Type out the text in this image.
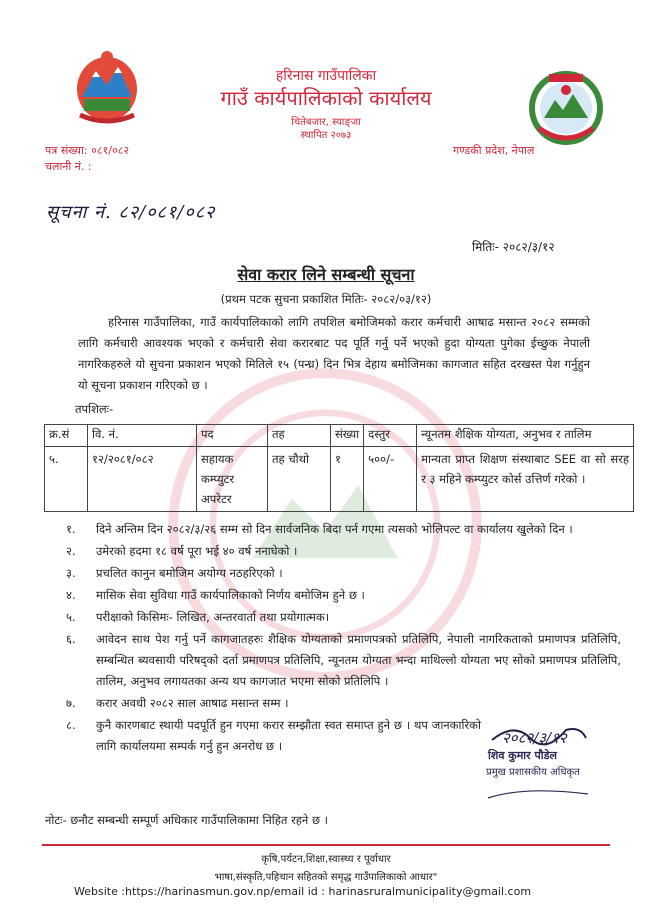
हरिनास गाउँपालिका
गाउँ कार्यपालिकाको कार्यालय
चितेबजार, स्याङ्जा
स्थापित २०७३
पत्र संख्या: ०८१/०८२
चलानी नं. :
गण्डकी प्रदेश, नेपाल
सूचना नं. ८२/०८१/०८२
मितिः- २०८२/३/१२
सेवा करार लिने सम्बन्धी सूचना
(प्रथम पटक सुचना प्रकाशित मितिः- २०८२/०३/१२)
हरिनास गाउँपालिका, गाउँ कार्यपालिकाको लागि तपशिल बमोजिमको करार कर्मचारी आषाढ मसान्त २०८२ सम्मको लागि कर्मचारी आवश्यक भएको र कर्मचारी सेवा करारबाट पद पूर्ति गर्नु पर्ने भएको हुदा योग्यता पुगेका ईच्छुक नेपाली नागरिकहरुले यो सुचना प्रकाशन भएको मितिले १५ (पन्ध्र) दिन भित्र देहाय बमोजिमका कागजात सहित दरखस्त पेश गर्नुहुन यो सूचना प्रकाशन गरिएको छ ।
तपशिलः-
क्र.सं	वि. नं.	पद	तह	संख्या	दस्तुर	न्यूनतम शैक्षिक योग्यता, अनुभव र तालिम
५.	१२/२०८१/०८२	सहायक कम्प्युटर अपरेटर	तह चौथो	१	५००/-	मान्यता प्राप्त शिक्षण संस्थाबाट SEE वा सो सरह र ३ महिने कम्प्युटर कोर्स उत्तिर्ण गरेको ।
१.	दिने अन्तिम दिन २०८२/३/२६ सम्म सो दिन सार्वजनिक बिदा पर्न गएमा त्यसको भोलिपल्ट वा कार्यालय खुलेको दिन ।
२.	उमेरको हदमा १८ वर्ष पूरा भई ४० वर्ष ननाघेको ।
३.	प्रचलित कानुन बमोजिम अयोग्य नठहरिएको ।
४.	मासिक सेवा सुविधा गाउँ कार्यपालिकाको निर्णय बमोजिम हुने छ ।
५.	परीक्षाको किसिमः- लिखित, अन्तरवार्ता तथा प्रयोगात्मक।
६.	आवेदन साथ पेश गर्नु पर्ने कागजातहरुः शैक्षिक योग्यताको प्रमाणपत्रको प्रतिलिपि, नेपाली नागरिकताको प्रमाणपत्र प्रतिलिपि, सम्बन्धित ब्यवसायी परिषद्को दर्ता प्रमाणपत्र प्रतिलिपि, न्यूनतम योग्यता भन्दा माथिल्लो योग्यता भए सोको प्रमाणपत्र प्रतिलिपि, तालिम, अनुभव लगायतका अन्य थप कागजात भएमा सोको प्रतिलिपि ।
७.	करार अवधी २०८२ साल आषाढ मसान्त सम्म ।
८.	कुनै कारणबाट स्थायी पदपूर्ति हुन गएमा करार सम्झौता स्वत समाप्त हुने छ । थप जानकारिको लागि कार्यालयमा सम्पर्क गर्नु हुन अनरोध छ ।	२०८२/३/१२
शिव कुमार पौडेल
प्रमुख प्रशासकीय अधिकृत
नोटः- छनौट सम्बन्धी सम्पूर्ण अधिकार गाउँपालिकामा निहित रहने छ ।
कृषि,पर्यटन,शिक्षा,स्वास्थ्य र पूर्वाधार
भाषा,संस्कृति,पहिचान सहितको समृद्ध गाउँपालिकाको आधार"
Website :https://harinasmun.gov.np/email id : harinasruralmunicipality@gmail.com
